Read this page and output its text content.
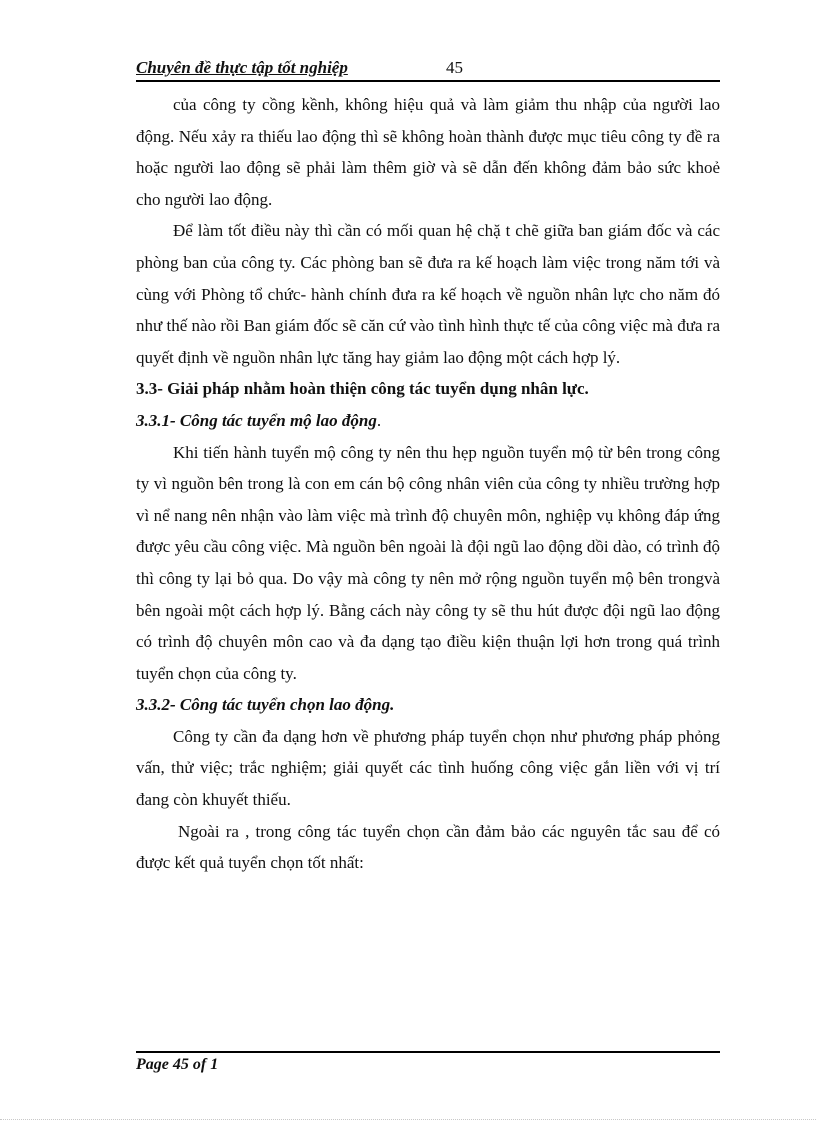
Chuyên đề thực tập tốt nghiệp	45

của công ty cồng kềnh, không hiệu quả và làm giảm thu nhập của người lao động. Nếu xảy ra thiếu lao động thì sẽ không hoàn thành được mục tiêu công ty đề ra hoặc người lao động sẽ phải làm thêm giờ và sẽ dẫn đến không đảm bảo sức khoẻ cho người lao động.

Để làm tốt điều này thì cần có mối quan hệ chặ t chẽ giữa ban giám đốc và các phòng ban của công ty. Các phòng ban sẽ đưa ra kế hoạch làm việc trong năm tới và cùng với Phòng tổ chức- hành chính đưa ra kế hoạch về nguồn nhân lực cho năm đó như thế nào rồi Ban giám đốc sẽ căn cứ vào tình hình thực tế của công việc mà đưa ra quyết định về nguồn nhân lực tăng hay giảm lao động một cách hợp lý.

3.3- Giải pháp nhằm hoàn thiện công tác tuyển dụng nhân lực.

3.3.1- Công tác tuyển mộ lao động.

Khi tiến hành tuyển mộ công ty nên thu hẹp nguồn tuyển mộ từ bên trong công ty vì nguồn bên trong là con em cán bộ công nhân viên của công ty nhiều trường hợp vì nể nang nên nhận vào làm việc mà trình độ chuyên môn, nghiệp vụ không đáp ứng được yêu cầu công việc. Mà nguồn bên ngoài là đội ngũ lao động dồi dào, có trình độ thì công ty lại bỏ qua. Do vậy mà công ty nên mở rộng nguồn tuyển mộ bên trongvà bên ngoài một cách hợp lý. Bằng cách này công ty sẽ thu hút được đội ngũ lao động có trình độ chuyên môn cao và đa dạng tạo điều kiện thuận lợi hơn trong quá trình tuyển chọn của công ty.

3.3.2- Công tác tuyển chọn lao động.

Công ty cần đa dạng hơn về phương pháp tuyển chọn như phương pháp phỏng vấn, thử việc; trắc nghiệm; giải quyết các tình huống công việc gắn liền với vị trí đang còn khuyết thiếu.

Ngoài ra , trong công tác tuyển chọn cần đảm bảo các nguyên tắc sau để có được kết quả tuyển chọn tốt nhất:

Page 45 of 1
